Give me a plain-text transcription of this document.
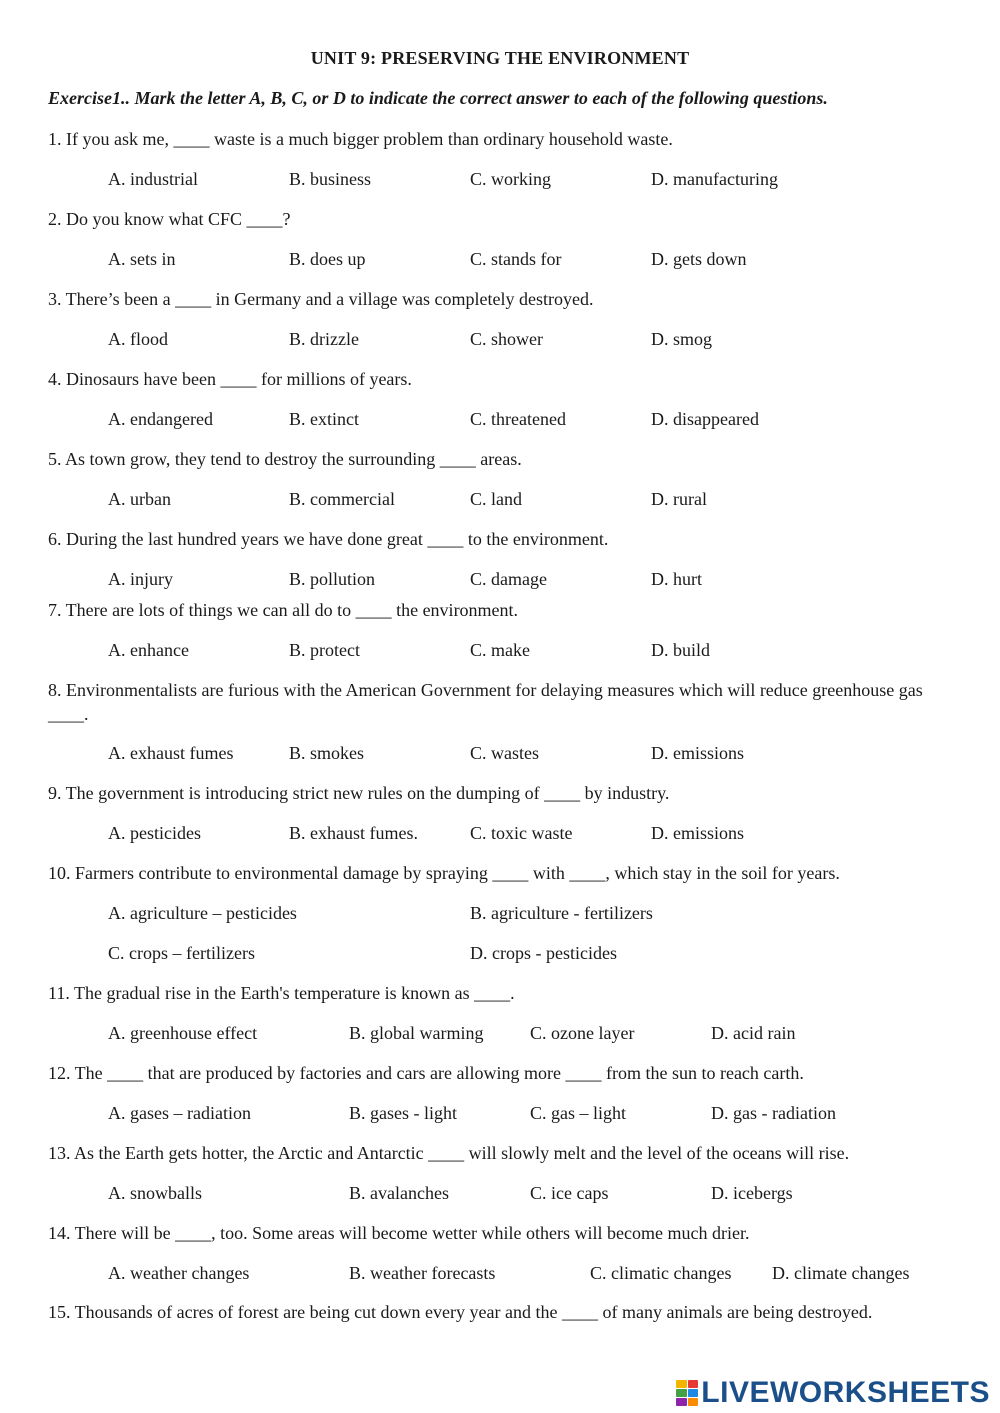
UNIT 9: PRESERVING THE ENVIRONMENT
Exercise1.. Mark the letter A, B, C, or D to indicate the correct answer to each of the following questions.
1. If you ask me, ____ waste is a much bigger problem than ordinary household waste.
A. industrial	B. business	C. working	D. manufacturing
2. Do you know what CFC ____?
A. sets in	B. does up	C. stands for	D. gets down
3. There’s been a ____ in Germany and a village was completely destroyed.
A. flood	B. drizzle	C. shower	D. smog
4. Dinosaurs have been ____ for millions of years.
A. endangered	B. extinct	C. threatened	D. disappeared
5. As town grow, they tend to destroy the surrounding ____ areas.
A. urban	B. commercial	C. land	D. rural
6. During the last hundred years we have done great ____ to the environment.
A. injury	B. pollution	C. damage	D. hurt
7. There are lots of things we can all do to ____ the environment.
A. enhance	B. protect	C. make	D. build
8. Environmentalists are furious with the American Government for delaying measures which will reduce greenhouse gas ____.
A. exhaust fumes	B. smokes	C. wastes	D. emissions
9. The government is introducing strict new rules on the dumping of ____ by industry.
A. pesticides	B. exhaust fumes.	C. toxic waste	D. emissions
10. Farmers contribute to environmental damage by spraying ____ with ____, which stay in the soil for years.
A. agriculture – pesticides	B. agriculture - fertilizers
C. crops – fertilizers	D. crops - pesticides
11. The gradual rise in the Earth's temperature is known as ____.
A. greenhouse effect	B. global warming	C. ozone layer	D. acid rain
12. The ____ that are produced by factories and cars are allowing more ____ from the sun to reach carth.
A. gases – radiation	B. gases - light	C. gas – light	D. gas - radiation
13. As the Earth gets hotter, the Arctic and Antarctic ____ will slowly melt and the level of the oceans will rise.
A. snowballs	B. avalanches	C. ice caps	D. icebergs
14. There will be ____, too. Some areas will become wetter while others will become much drier.
A. weather changes	B. weather forecasts	C. climatic changes D. climate changes
15. Thousands of acres of forest are being cut down every year and the ____ of many animals are being destroyed.
LIVEWORKSHEETS
